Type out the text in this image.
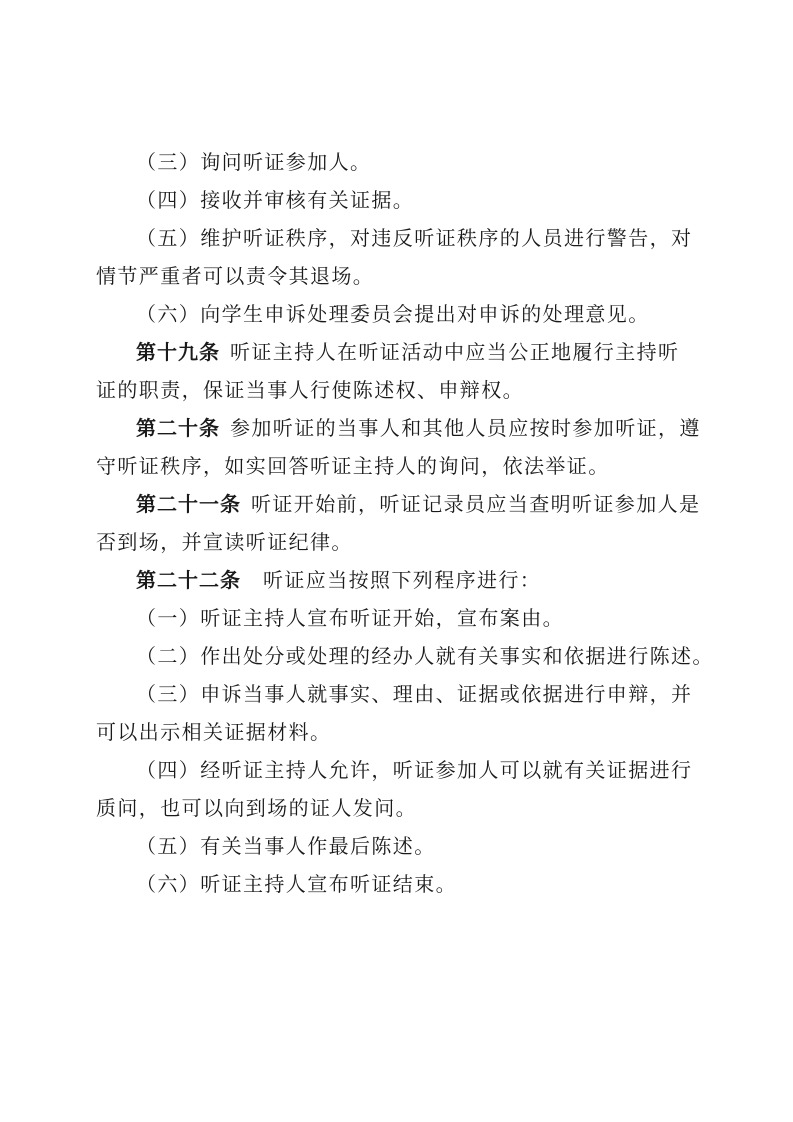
（三）询问听证参加人。
（四）接收并审核有关证据。
（五）维护听证秩序，对违反听证秩序的人员进行警告，对
情节严重者可以责令其退场。
（六）向学生申诉处理委员会提出对申诉的处理意见。
第十九条 听证主持人在听证活动中应当公正地履行主持听
证的职责，保证当事人行使陈述权、申辩权。
第二十条 参加听证的当事人和其他人员应按时参加听证，遵
守听证秩序，如实回答听证主持人的询问，依法举证。
第二十一条 听证开始前，听证记录员应当查明听证参加人是
否到场，并宣读听证纪律。
第二十二条 听证应当按照下列程序进行：
（一）听证主持人宣布听证开始，宣布案由。
（二）作出处分或处理的经办人就有关事实和依据进行陈述。
（三）申诉当事人就事实、理由、证据或依据进行申辩，并
可以出示相关证据材料。
（四）经听证主持人允许，听证参加人可以就有关证据进行
质问，也可以向到场的证人发问。
（五）有关当事人作最后陈述。
（六）听证主持人宣布听证结束。
